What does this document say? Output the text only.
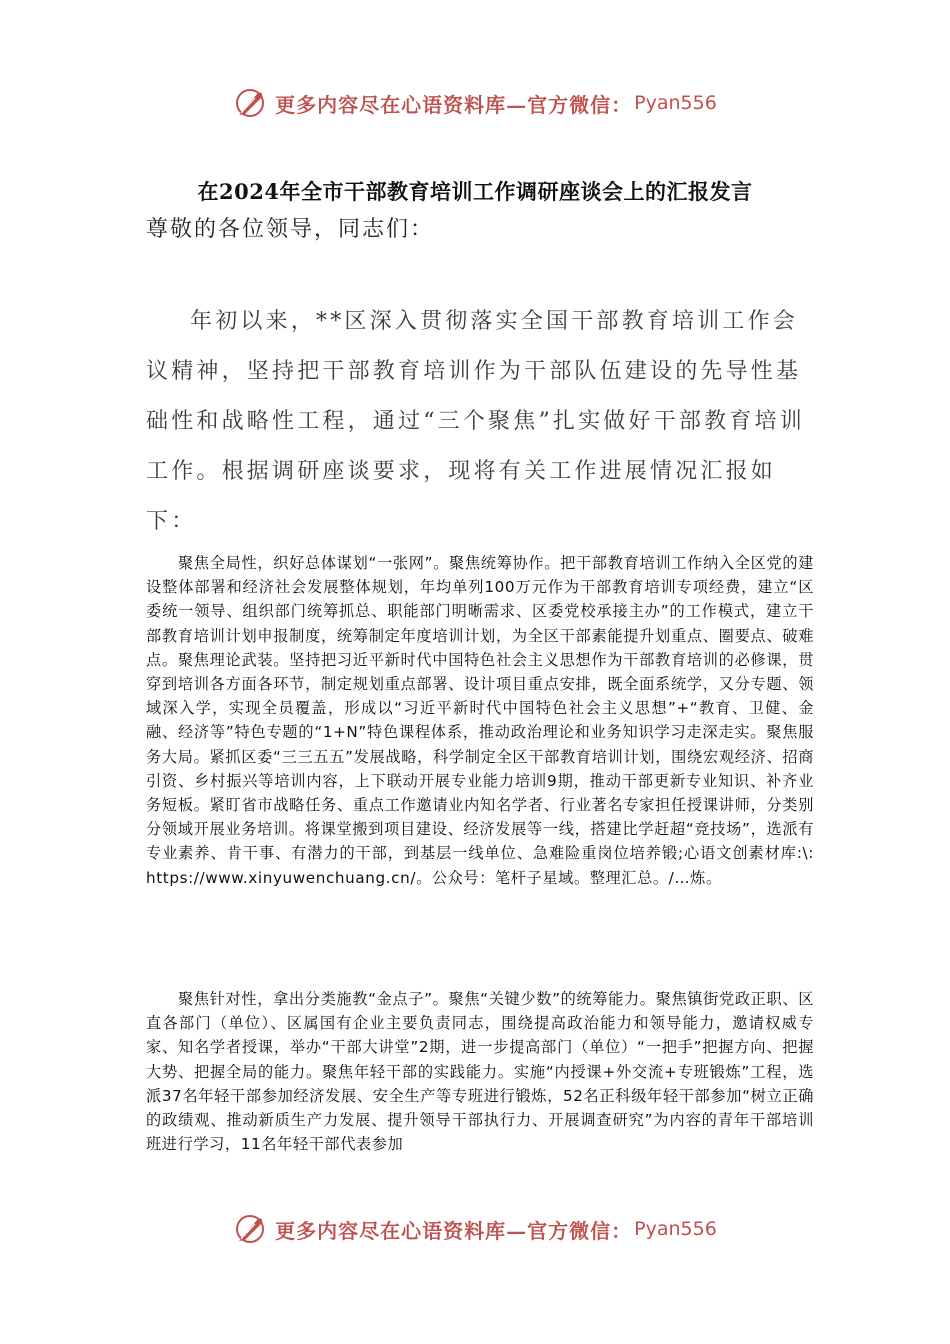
更多内容尽在心语资料库—官方微信： Pyan556
在2024年全市干部教育培训工作调研座谈会上的汇报发言
尊敬的各位领导，同志们：

年初以来，**区深入贯彻落实全国干部教育培训工作会议精神，坚持把干部教育培训作为干部队伍建设的先导性基础性和战略性工程，通过“三个聚焦”扎实做好干部教育培训工作。根据调研座谈要求，现将有关工作进展情况汇报如下：

聚焦全局性，织好总体谋划“一张网”。聚焦统筹协作。把干部教育培训工作纳入全区党的建设整体部署和经济社会发展整体规划，年均单列100万元作为干部教育培训专项经费，建立“区委统一领导、组织部门统筹抓总、职能部门明晰需求、区委党校承接主办”的工作模式，建立干部教育培训计划申报制度，统筹制定年度培训计划，为全区干部素能提升划重点、圈要点、破难点。聚焦理论武装。坚持把习近平新时代中国特色社会主义思想作为干部教育培训的必修课，贯穿到培训各方面各环节，制定规划重点部署、设计项目重点安排，既全面系统学，又分专题、领域深入学，实现全员覆盖，形成以“习近平新时代中国特色社会主义思想”+“教育、卫健、金融、经济等”特色专题的“1+N”特色课程体系，推动政治理论和业务知识学习走深走实。聚焦服务大局。紧抓区委“三三五五”发展战略，科学制定全区干部教育培训计划，围绕宏观经济、招商引资、乡村振兴等培训内容，上下联动开展专业能力培训9期，推动干部更新专业知识、补齐业务短板。紧盯省市战略任务、重点工作邀请业内知名学者、行业著名专家担任授课讲师，分类别分领域开展业务培训。将课堂搬到项目建设、经济发展等一线，搭建比学赶超“竞技场”，选派有专业素养、肯干事、有潜力的干部，到基层一线单位、急难险重岗位培养锻;心语文创素材库:\: https://www.xinyuwenchuang.cn/。公众号：笔杆子星域。整理汇总。/…炼。

聚焦针对性，拿出分类施教“金点子”。聚焦“关键少数”的统筹能力。聚焦镇街党政正职、区直各部门（单位）、区属国有企业主要负责同志，围绕提高政治能力和领导能力，邀请权威专家、知名学者授课，举办“干部大讲堂”2期，进一步提高部门（单位）“一把手”把握方向、把握大势、把握全局的能力。聚焦年轻干部的实践能力。实施“内授课+外交流+专班锻炼”工程，选派37名年轻干部参加经济发展、安全生产等专班进行锻炼，52名正科级年轻干部参加“树立正确的政绩观、推动新质生产力发展、提升领导干部执行力、开展调查研究”为内容的青年干部培训班进行学习，11名年轻干部代表参加

更多内容尽在心语资料库—官方微信： Pyan556
